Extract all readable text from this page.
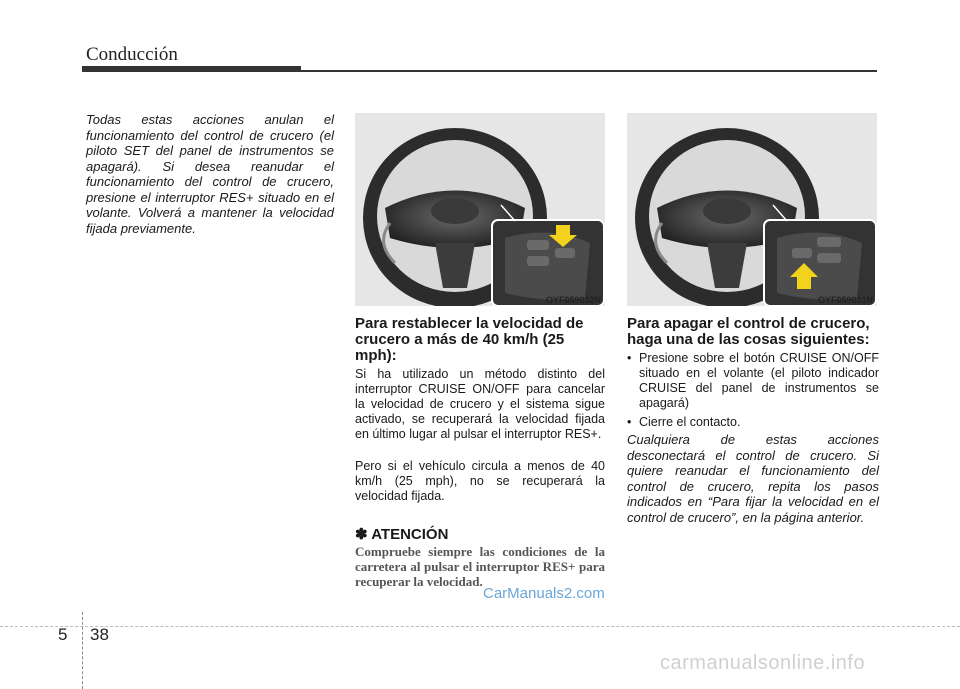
Conducción
Todas estas acciones anulan el funcionamiento del control de crucero (el piloto SET del panel de instrumentos se apagará). Si desea reanudar el funcionamiento del control de crucero, presione el interruptor RES+ situado en el volante. Volverá a mantener la velocidad fijada previamente.
OYF059032N	OYF059031N
Para restablecer la velocidad de crucero a más de 40 km/h (25 mph):
Si ha utilizado un método distinto del interruptor CRUISE ON/OFF para cancelar la velocidad de crucero y el sistema sigue activado, se recuperará la velocidad fijada en último lugar al pulsar el interruptor RES+.
Pero si el vehículo circula a menos de 40 km/h (25 mph), no se recuperará la velocidad fijada.
✽ ATENCIÓN
Compruebe siempre las condiciones de la carretera al pulsar el interruptor RES+ para recuperar la velocidad.
Para apagar el control de crucero, haga una de las cosas siguientes:
• Presione sobre el botón CRUISE ON/OFF situado en el volante (el piloto indicador CRUISE del panel de instrumentos se apagará)
• Cierre el contacto.
Cualquiera de estas acciones desconectará el control de crucero. Si quiere reanudar el funcionamiento del control de crucero, repita los pasos indicados en “Para fijar la velocidad en el control de crucero”, en la página anterior.
CarManuals2.com
5 38
carmanualsonline.info
